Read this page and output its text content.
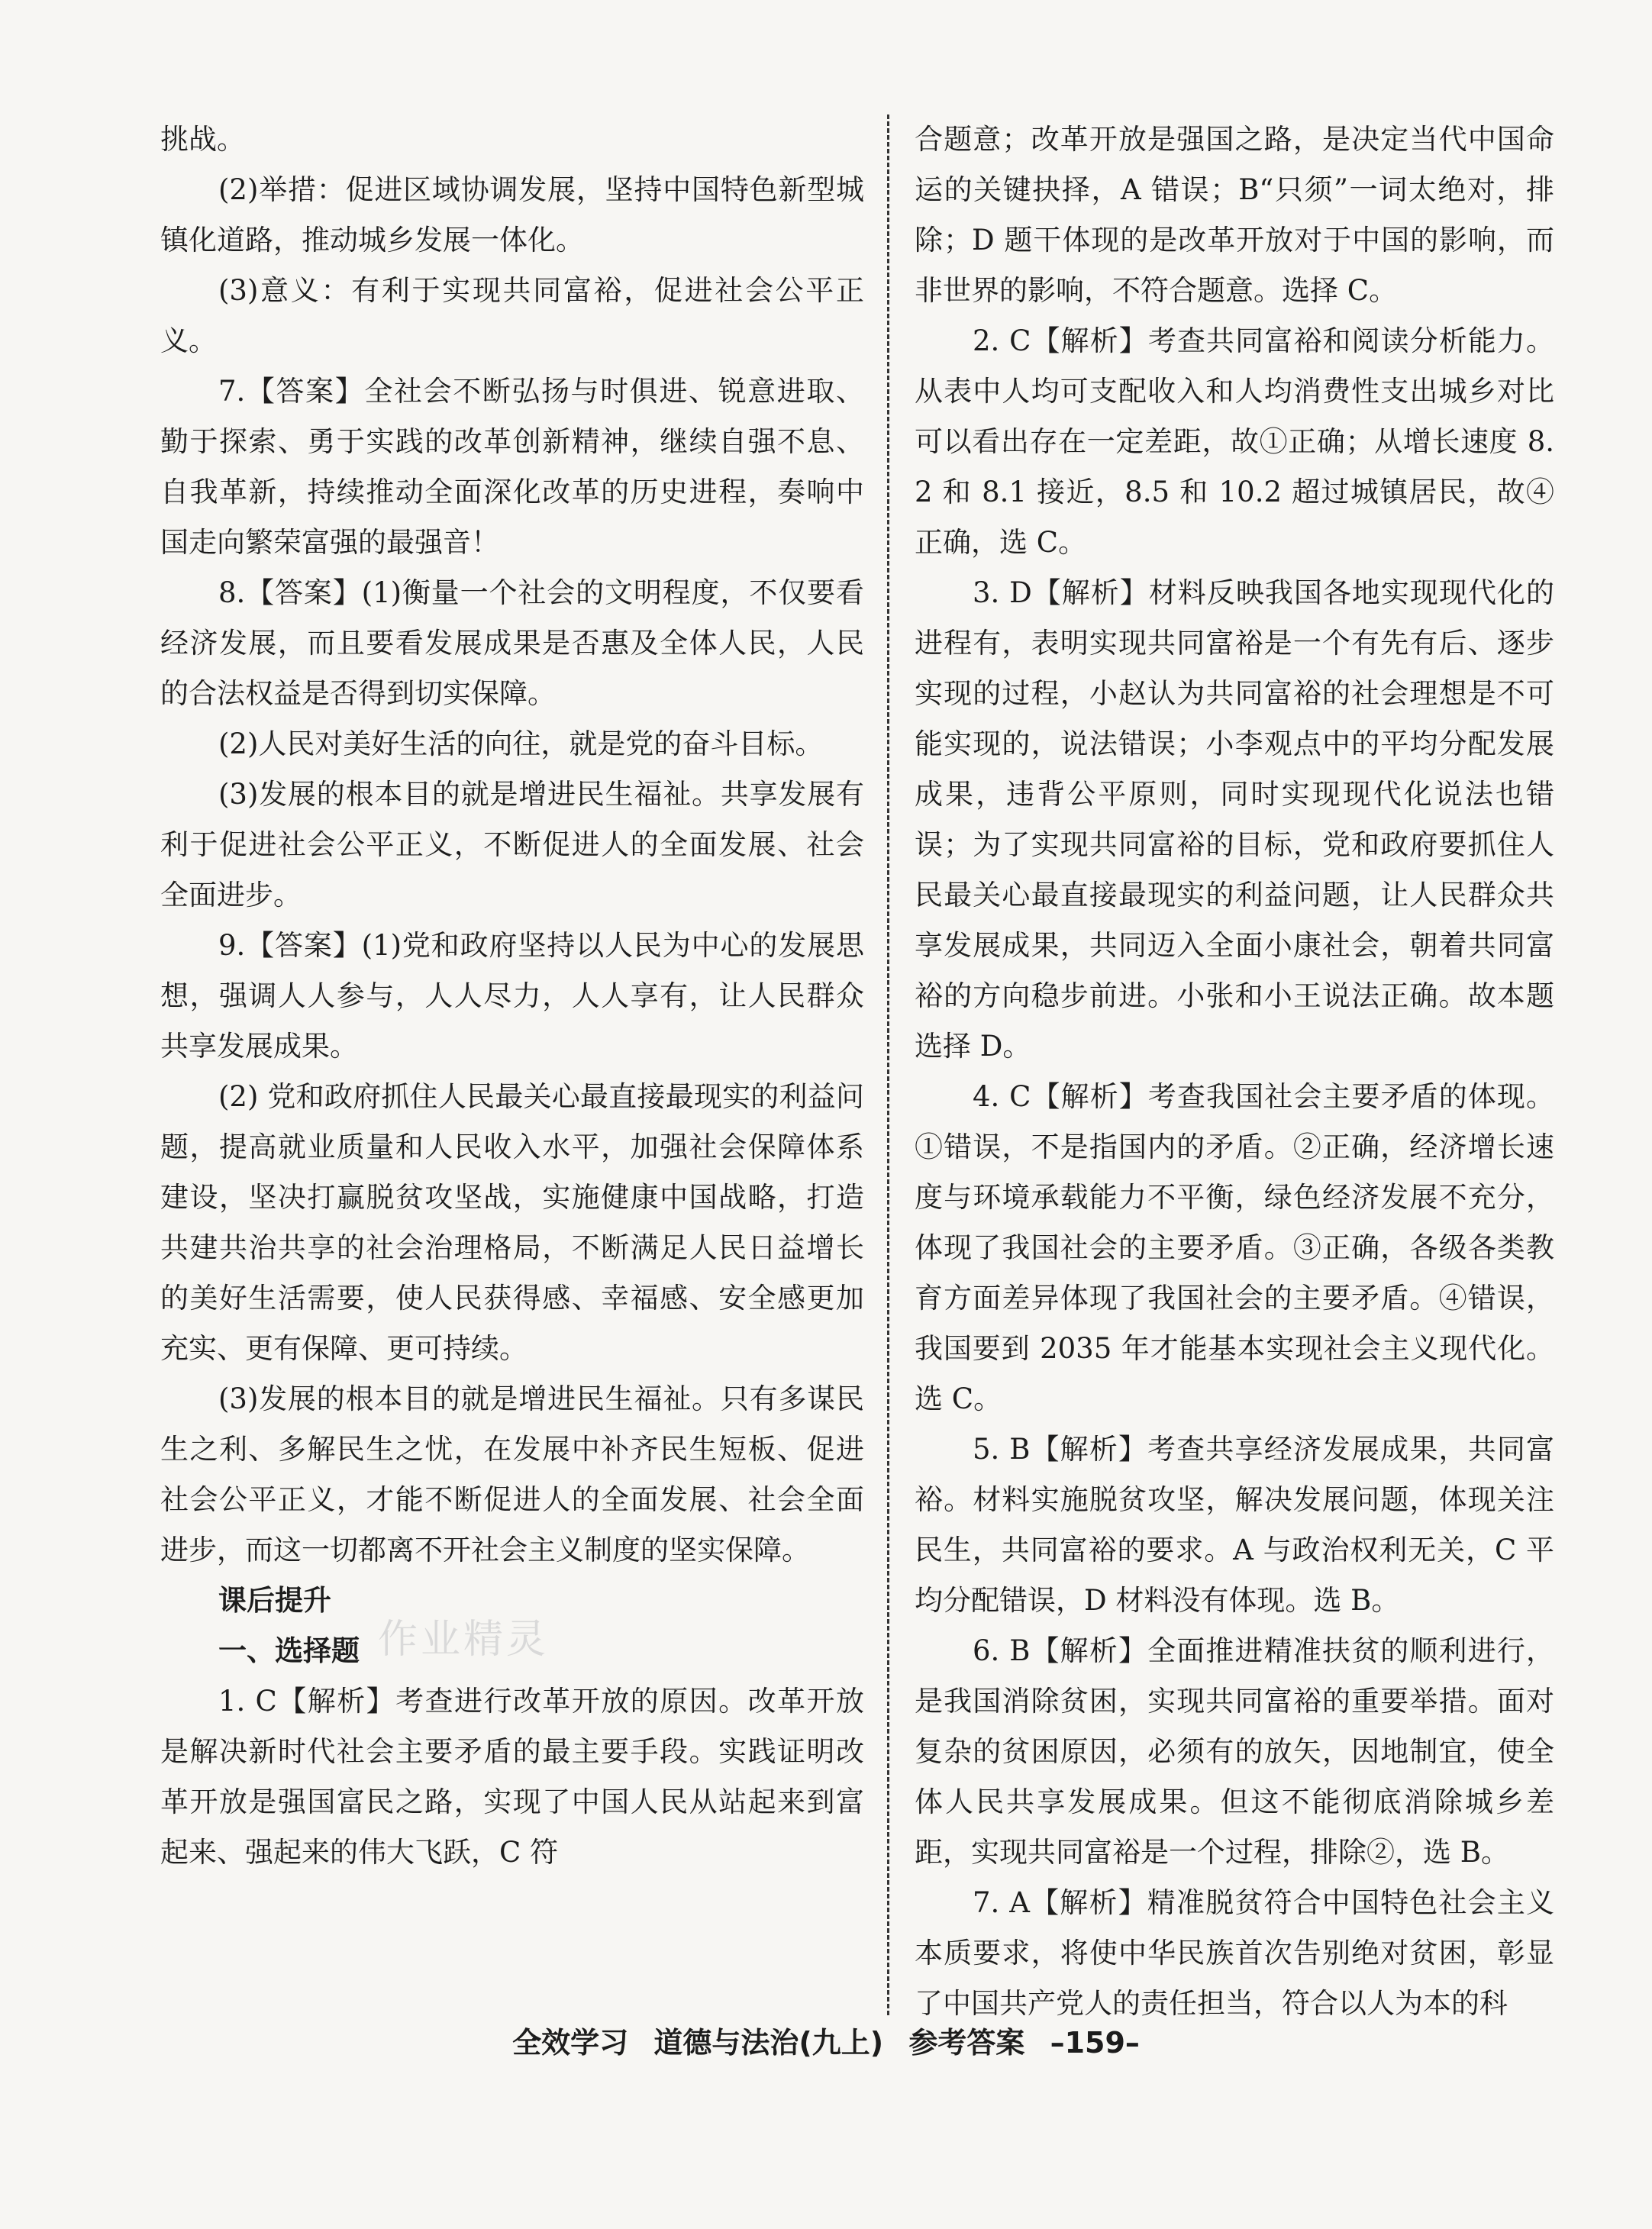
挑战。

(2)举措：促进区域协调发展，坚持中国特色新型城镇化道路，推动城乡发展一体化。

(3)意义：有利于实现共同富裕，促进社会公平正义。

7.【答案】全社会不断弘扬与时俱进、锐意进取、勤于探索、勇于实践的改革创新精神，继续自强不息、自我革新，持续推动全面深化改革的历史进程，奏响中国走向繁荣富强的最强音！

8.【答案】(1)衡量一个社会的文明程度，不仅要看经济发展，而且要看发展成果是否惠及全体人民，人民的合法权益是否得到切实保障。

(2)人民对美好生活的向往，就是党的奋斗目标。

(3)发展的根本目的就是增进民生福祉。共享发展有利于促进社会公平正义，不断促进人的全面发展、社会全面进步。

9.【答案】(1)党和政府坚持以人民为中心的发展思想，强调人人参与，人人尽力，人人享有，让人民群众共享发展成果。

(2) 党和政府抓住人民最关心最直接最现实的利益问题，提高就业质量和人民收入水平，加强社会保障体系建设，坚决打赢脱贫攻坚战，实施健康中国战略，打造共建共治共享的社会治理格局，不断满足人民日益增长的美好生活需要，使人民获得感、幸福感、安全感更加充实、更有保障、更可持续。

(3)发展的根本目的就是增进民生福祉。只有多谋民生之利、多解民生之忧，在发展中补齐民生短板、促进社会公平正义，才能不断促进人的全面发展、社会全面进步，而这一切都离不开社会主义制度的坚实保障。

课后提升

一、选择题

1. C【解析】考查进行改革开放的原因。改革开放是解决新时代社会主要矛盾的最主要手段。实践证明改革开放是强国富民之路，实现了中国人民从站起来到富起来、强起来的伟大飞跃，C 符

合题意；改革开放是强国之路，是决定当代中国命运的关键抉择，A 错误；B“只须”一词太绝对，排除；D 题干体现的是改革开放对于中国的影响，而非世界的影响，不符合题意。选择 C。

2. C【解析】考查共同富裕和阅读分析能力。从表中人均可支配收入和人均消费性支出城乡对比可以看出存在一定差距，故①正确；从增长速度 8.2 和 8.1 接近，8.5 和 10.2 超过城镇居民，故④正确，选 C。

3. D【解析】材料反映我国各地实现现代化的进程有，表明实现共同富裕是一个有先有后、逐步实现的过程，小赵认为共同富裕的社会理想是不可能实现的，说法错误；小李观点中的平均分配发展成果，违背公平原则，同时实现现代化说法也错误；为了实现共同富裕的目标，党和政府要抓住人民最关心最直接最现实的利益问题，让人民群众共享发展成果，共同迈入全面小康社会，朝着共同富裕的方向稳步前进。小张和小王说法正确。故本题选择 D。

4. C【解析】考查我国社会主要矛盾的体现。①错误，不是指国内的矛盾。②正确，经济增长速度与环境承载能力不平衡，绿色经济发展不充分，体现了我国社会的主要矛盾。③正确，各级各类教育方面差异体现了我国社会的主要矛盾。④错误，我国要到 2035 年才能基本实现社会主义现代化。选 C。

5. B【解析】考查共享经济发展成果，共同富裕。材料实施脱贫攻坚，解决发展问题，体现关注民生，共同富裕的要求。A 与政治权利无关，C 平均分配错误，D 材料没有体现。选 B。

6. B【解析】全面推进精准扶贫的顺利进行，是我国消除贫困，实现共同富裕的重要举措。面对复杂的贫困原因，必须有的放矢，因地制宜，使全体人民共享发展成果。但这不能彻底消除城乡差距，实现共同富裕是一个过程，排除②，选 B。

7. A【解析】精准脱贫符合中国特色社会主义本质要求，将使中华民族首次告别绝对贫困，彰显了中国共产党人的责任担当，符合以人为本的科

作业精灵
全效学习 道德与法治(九上) 参考答案 –159–
